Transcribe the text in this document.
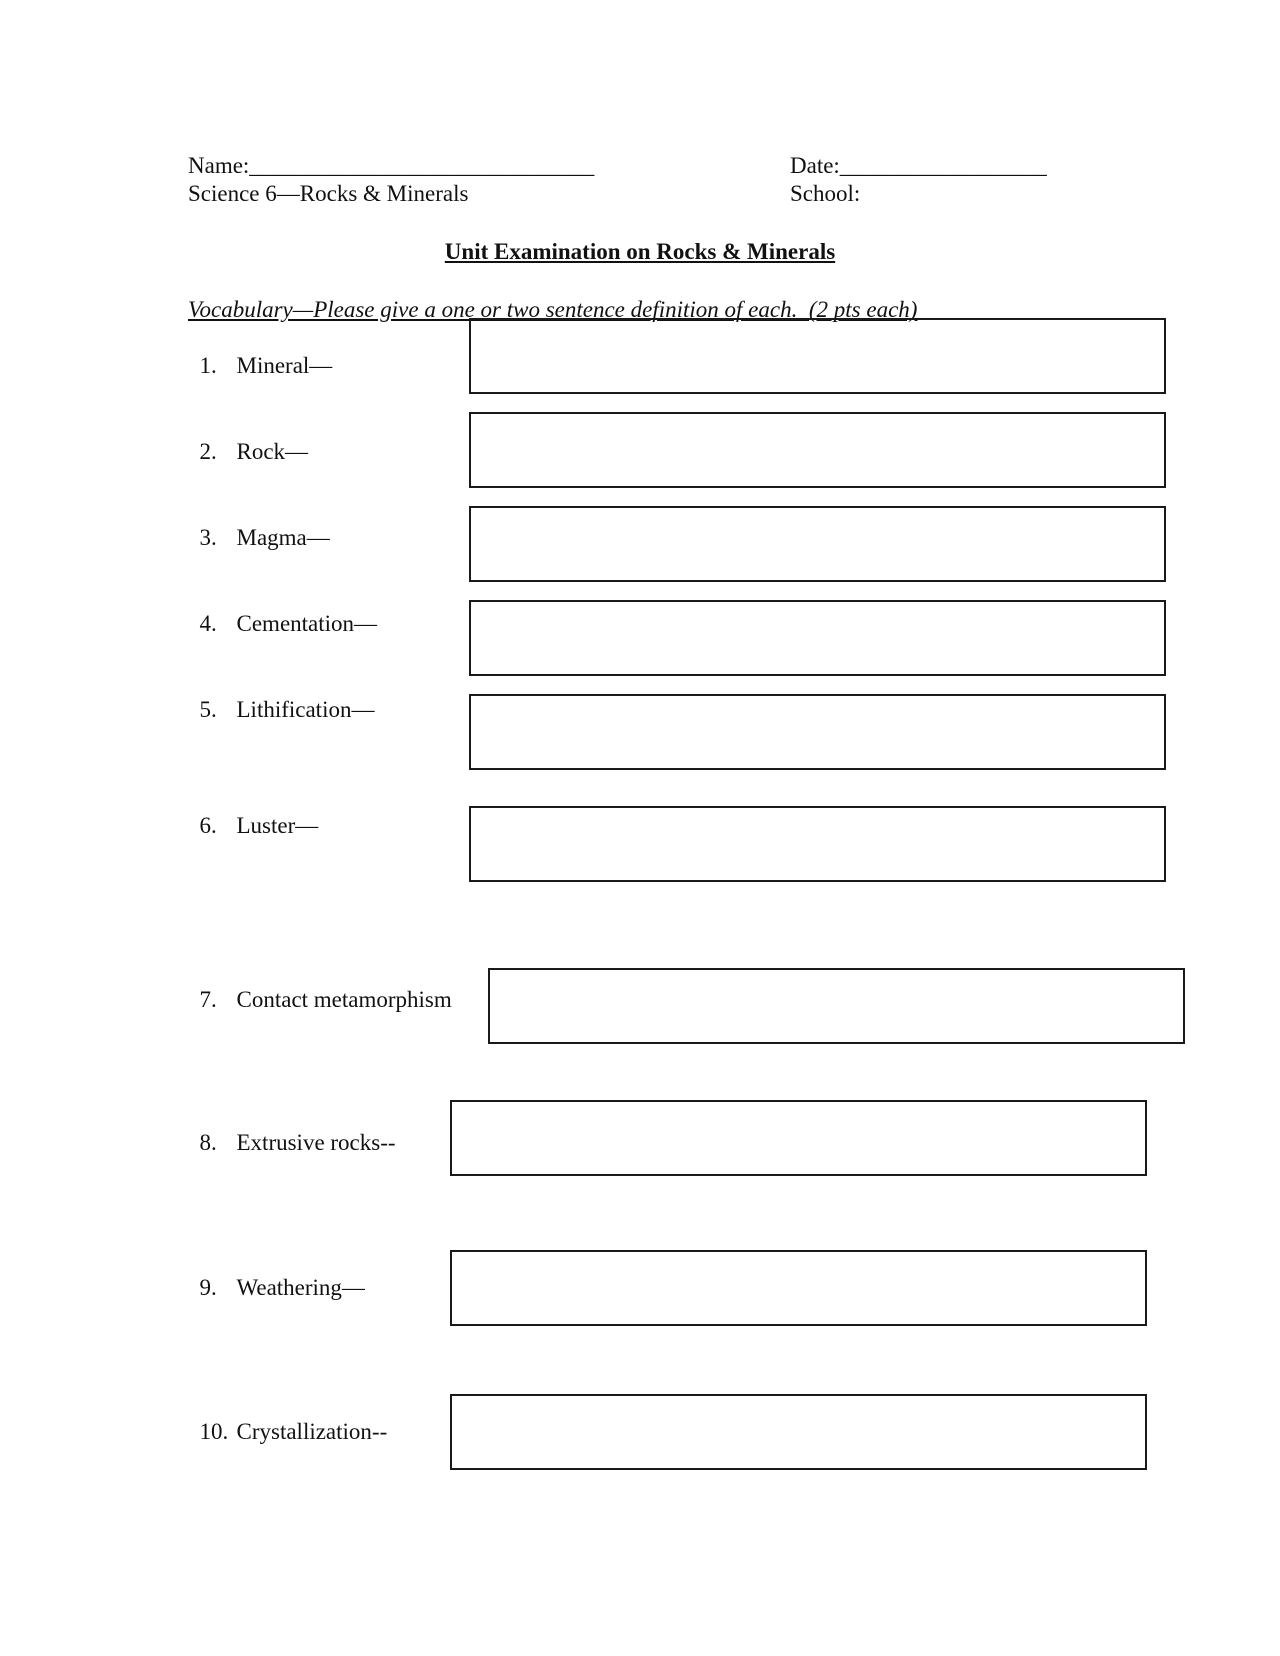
Name:______________________________	Date:__________________
Science 6—Rocks & Minerals	School:
Unit Examination on Rocks & Minerals
Vocabulary—Please give a one or two sentence definition of each.  (2 pts each)

1. Mineral—

2. Rock—

3. Magma—

4. Cementation—

5. Lithification—

6. Luster—

7. Contact metamorphism

8. Extrusive rocks--

9. Weathering—

10. Crystallization--
